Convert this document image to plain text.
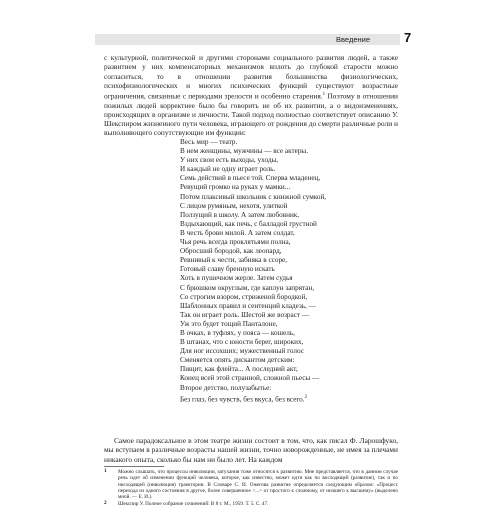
Введение	7

с культурной, политической и другими сторонами социального развития людей, а также развитием у них компенсаторных механизмов вплоть до глубокой старости можно согласиться, то в отношении развития большинства физиологических, психофизиологических и многих психических функций существуют возрастные ограничения, связанные с периодами зрелости и особенно старения.$^1$ Поэтому в отношении пожилых людей корректнее было бы говорить не об их развитии, а о видоизменениях, происходящих в организме и личности. Такой подход полностью соответствует описанию У. Шекспиром жизненного пути человека, играющего от рождения до смерти различные роли и выполняющего сопутствующие им функции:

Весь мир — театр.
В нем женщины, мужчины — все актеры.
У них свои есть выходы, уходы,
И каждый не одну играет роль.
Семь действий в пьесе той. Сперва младенец,
Ревущий громко на руках у мамки...
Потом плаксивый школьник с книжной сумкой,
С лицом румяным, нехотя, улиткой
Ползущий в школу. А затем любовник,
Вздыхающий, как печь, с балладой грустной
В честь брови милой. А затем солдат,
Чья речь всегда проклятьями полна,
Обросший бородой, как леопард,
Ревнивый к чести, забияка в ссоре,
Готовый славу бренную искать
Хоть в пушечном жерле. Затем судья
С брюшком округлым, где каплун запрятан,
Со строгим взором, стриженой бородкой,
Шаблонных правил и сентенций кладезь, —
Так он играет роль. Шестой же возраст —
Уж это будет тощий Панталоне,
В очках, в туфлях, у пояса — кошель,
В штанах, что с юности берег, широких,
Для ног иссохших; мужественный голос
Сменяется опять дискантом детским:
Пищит, как флейта... А последний акт,
Конец всей этой странной, сложной пьесы —
Второе детство, полузабытье:
Без глаз, без чувств, без вкуса, без всего.$^2$

Самое парадоксальное в этом театре жизни состоит в том, что, как писал Ф. Ларошфуко, мы вступаем в различные возрасты нашей жизни, точно новорожденные, не имея за плечами никакого опыта, сколько бы нам ни было лет. На каждом

1 Можно слышать, что процессы инволюции, затухания тоже относятся к развитию. Мне представляется, что в данном случае речь идет об изменении функций человека, которое, как известно, может идти как по восходящей (развитие), так и по нисходящей (инволюция) траектории. В Словаре С. И. Ожегова развитие определяется следующим образом: «Процесс перехода из одного состояния в другое, более совершенное <...> от простого к сложному, от низшего к высшему» (выделено мной. — Е. И.).
2 Шекспир У. Полное собрание сочинений: В 8 т. М., 1959. Т. 5. С. 47.
